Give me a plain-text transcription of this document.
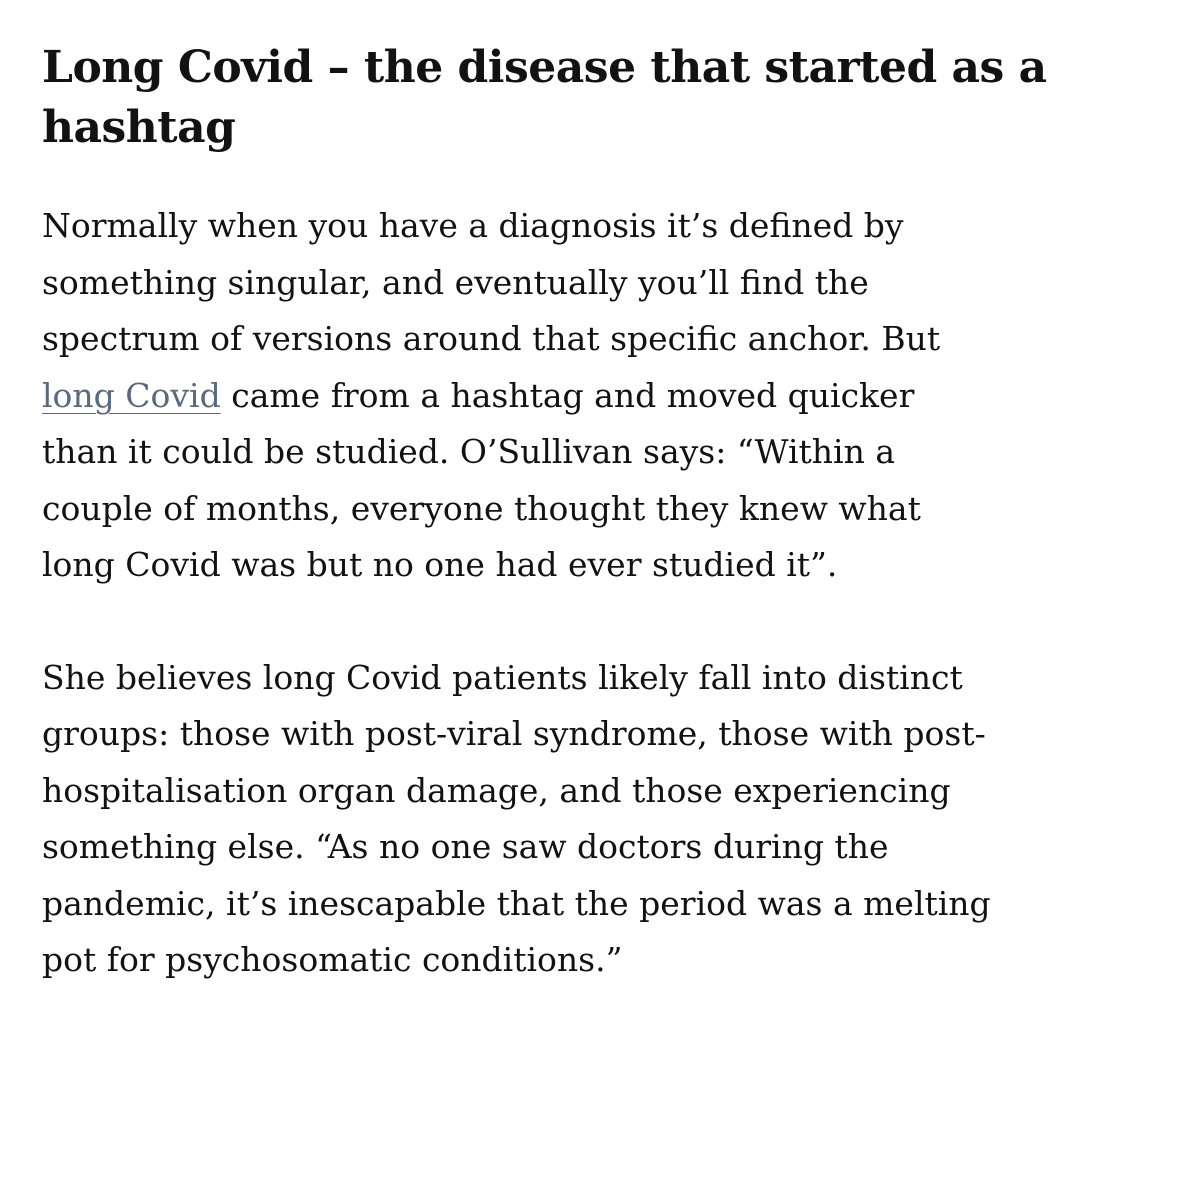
Long Covid – the disease that started as a
hashtag

Normally when you have a diagnosis it’s defined by
something singular, and eventually you’ll find the
spectrum of versions around that specific anchor. But
long Covid came from a hashtag and moved quicker
than it could be studied. O’Sullivan says: “Within a
couple of months, everyone thought they knew what
long Covid was but no one had ever studied it”.

She believes long Covid patients likely fall into distinct
groups: those with post-viral syndrome, those with post-
hospitalisation organ damage, and those experiencing
something else. “As no one saw doctors during the
pandemic, it’s inescapable that the period was a melting
pot for psychosomatic conditions.”
